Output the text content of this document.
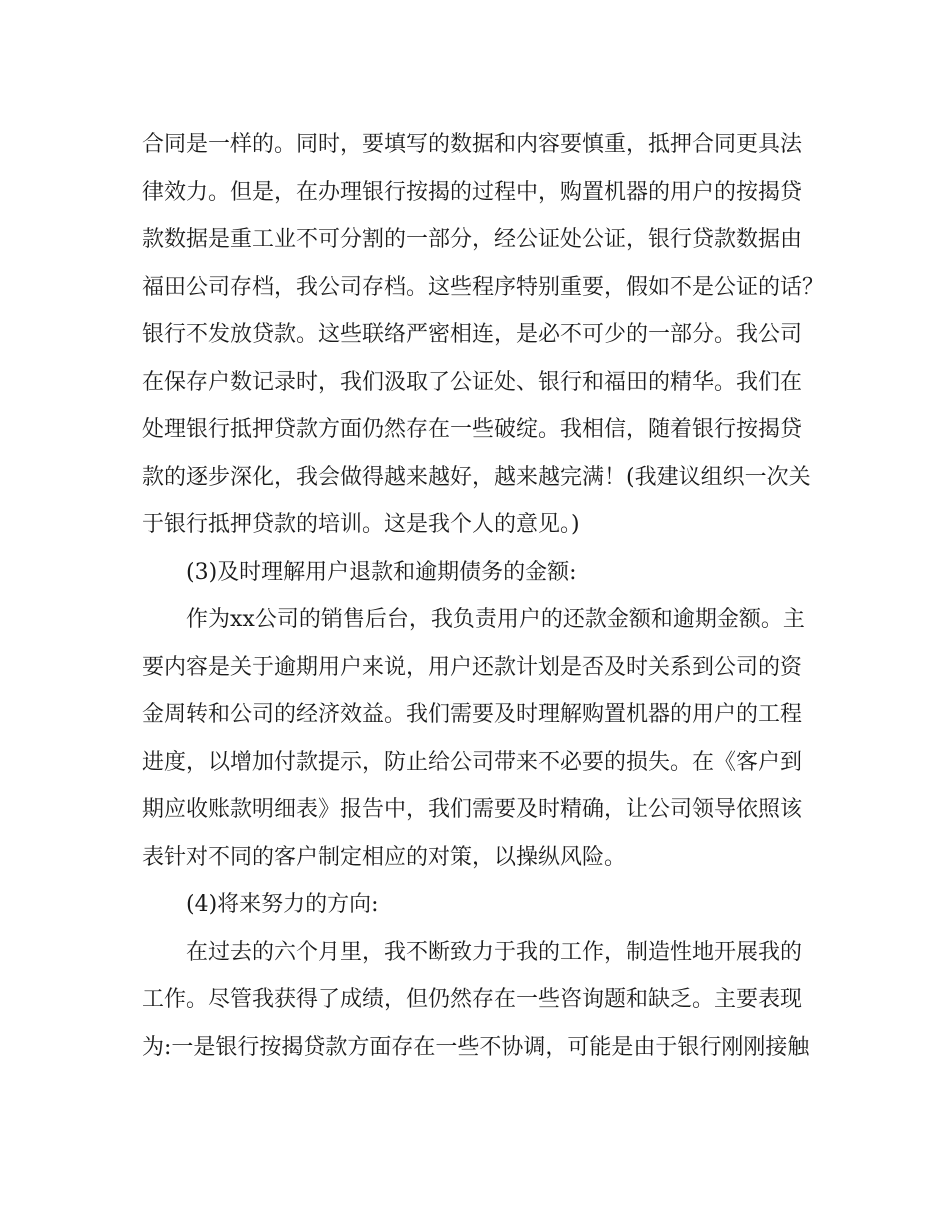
合同是一样的。同时，要填写的数据和内容要慎重，抵押合同更具法
律效力。但是，在办理银行按揭的过程中，购置机器的用户的按揭贷
款数据是重工业不可分割的一部分，经公证处公证，银行贷款数据由
福田公司存档，我公司存档。这些程序特别重要，假如不是公证的话？
银行不发放贷款。这些联络严密相连，是必不可少的一部分。我公司
在保存户数记录时，我们汲取了公证处、银行和福田的精华。我们在
处理银行抵押贷款方面仍然存在一些破绽。我相信，随着银行按揭贷
款的逐步深化，我会做得越来越好，越来越完满！(我建议组织一次关
于银行抵押贷款的培训。这是我个人的意见。)
(3)及时理解用户退款和逾期债务的金额:
作为xx公司的销售后台，我负责用户的还款金额和逾期金额。主
要内容是关于逾期用户来说，用户还款计划是否及时关系到公司的资
金周转和公司的经济效益。我们需要及时理解购置机器的用户的工程
进度，以增加付款提示，防止给公司带来不必要的损失。在《客户到
期应收账款明细表》报告中，我们需要及时精确，让公司领导依照该
表针对不同的客户制定相应的对策，以操纵风险。
(4)将来努力的方向:
在过去的六个月里，我不断致力于我的工作，制造性地开展我的
工作。尽管我获得了成绩，但仍然存在一些咨询题和缺乏。主要表现
为:一是银行按揭贷款方面存在一些不协调，可能是由于银行刚刚接触
